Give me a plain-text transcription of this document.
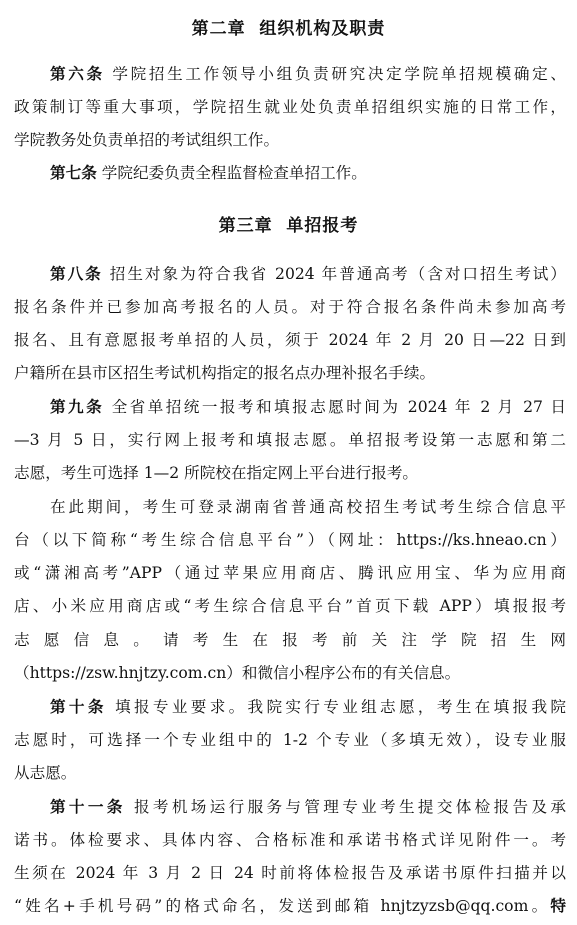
第二章  组织机构及职责
第六条 学院招生工作领导小组负责研究决定学院单招规模确定、
政策制订等重大事项，学院招生就业处负责单招组织实施的日常工作，
学院教务处负责单招的考试组织工作。
第七条 学院纪委负责全程监督检查单招工作。
第三章  单招报考
第八条 招生对象为符合我省 2024 年普通高考（含对口招生考试）
报名条件并已参加高考报名的人员。对于符合报名条件尚未参加高考
报名、且有意愿报考单招的人员，须于 2024 年 2 月 20 日—22 日到
户籍所在县市区招生考试机构指定的报名点办理补报名手续。
第九条 全省单招统一报考和填报志愿时间为 2024 年 2 月 27 日
—3 月 5 日，实行网上报考和填报志愿。单招报考设第一志愿和第二
志愿，考生可选择 1—2 所院校在指定网上平台进行报考。
在此期间，考生可登录湖南省普通高校招生考试考生综合信息平
台（以下简称“考生综合信息平台”）（网址：https://ks.hneao.cn）
或“潇湘高考”APP（通过苹果应用商店、腾讯应用宝、华为应用商
店、小米应用商店或“考生综合信息平台”首页下载 APP）填报报考
志愿信息。请考生在报考前关注学院招生网
（https://zsw.hnjtzy.com.cn）和微信小程序公布的有关信息。
第十条 填报专业要求。我院实行专业组志愿，考生在填报我院
志愿时，可选择一个专业组中的 1-2 个专业（多填无效），设专业服
从志愿。
第十一条 报考机场运行服务与管理专业考生提交体检报告及承
诺书。体检要求、具体内容、合格标准和承诺书格式详见附件一。考
生须在 2024 年 3 月 2 日 24 时前将体检报告及承诺书原件扫描并以
“姓名+手机号码”的格式命名，发送到邮箱 hnjtzyzsb@qq.com。特
